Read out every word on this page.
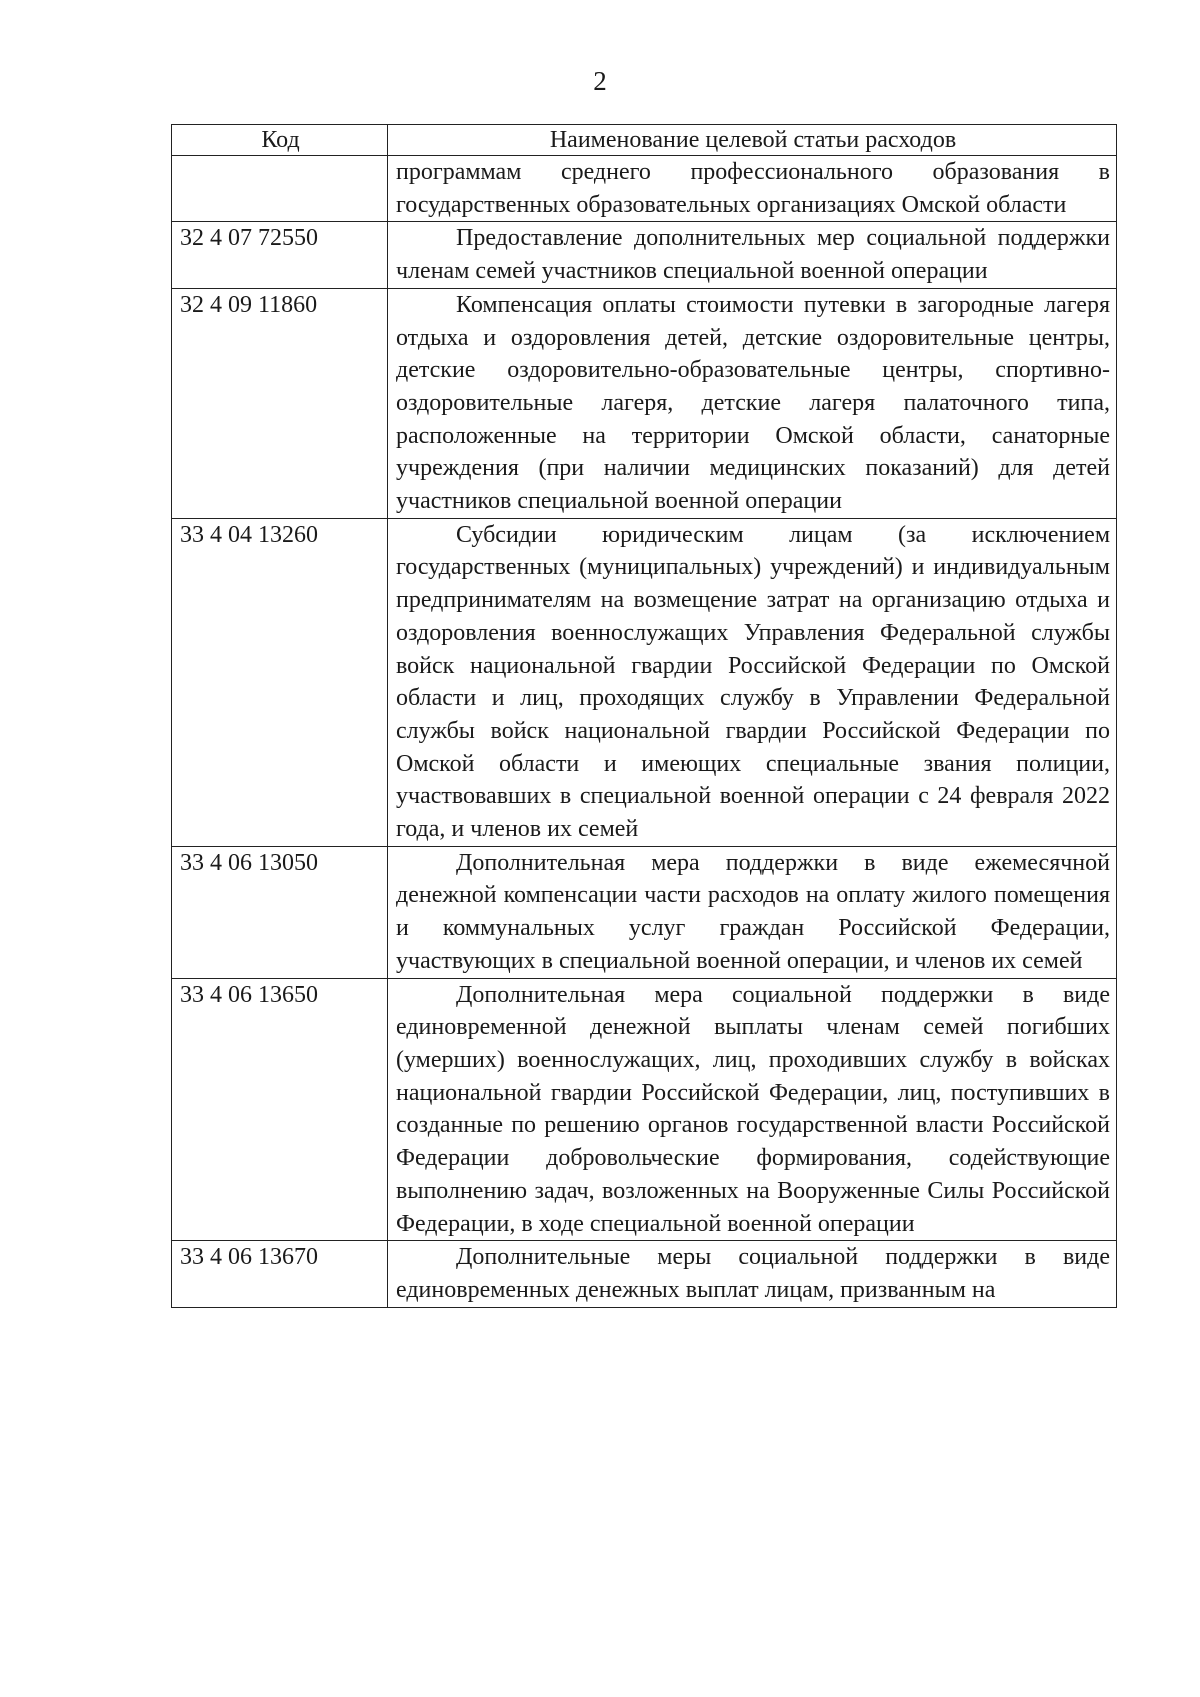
2
Код	Наименование целевой статьи расходов
	программам среднего профессионального образования в государственных образовательных организациях Омской области
32 4 07 72550	Предоставление дополнительных мер социальной поддержки членам семей участников специальной военной операции
32 4 09 11860	Компенсация оплаты стоимости путевки в загородные лагеря отдыха и оздоровления детей, детские оздоровительные центры, детские оздоровительно-образовательные центры, спортивно-оздоровительные лагеря, детские лагеря палаточного типа, расположенные на территории Омской области, санаторные учреждения (при наличии медицинских показаний) для детей участников специальной военной операции
33 4 04 13260	Субсидии юридическим лицам (за исключением государственных (муниципальных) учреждений) и индивидуальным предпринимателям на возмещение затрат на организацию отдыха и оздоровления военнослужащих Управления Федеральной службы войск национальной гвардии Российской Федерации по Омской области и лиц, проходящих службу в Управлении Федеральной службы войск национальной гвардии Российской Федерации по Омской области и имеющих специальные звания полиции, участвовавших в специальной военной операции с 24 февраля 2022 года, и членов их семей
33 4 06 13050	Дополнительная мера поддержки в виде ежемесячной денежной компенсации части расходов на оплату жилого помещения и коммунальных услуг граждан Российской Федерации, участвующих в специальной военной операции, и членов их семей
33 4 06 13650	Дополнительная мера социальной поддержки в виде единовременной денежной выплаты членам семей погибших (умерших) военнослужащих, лиц, проходивших службу в войсках национальной гвардии Российской Федерации, лиц, поступивших в созданные по решению органов государственной власти Российской Федерации добровольческие формирования, содействующие выполнению задач, возложенных на Вооруженные Силы Российской Федерации, в ходе специальной военной операции
33 4 06 13670	Дополнительные меры социальной поддержки в виде единовременных денежных выплат лицам, призванным на
